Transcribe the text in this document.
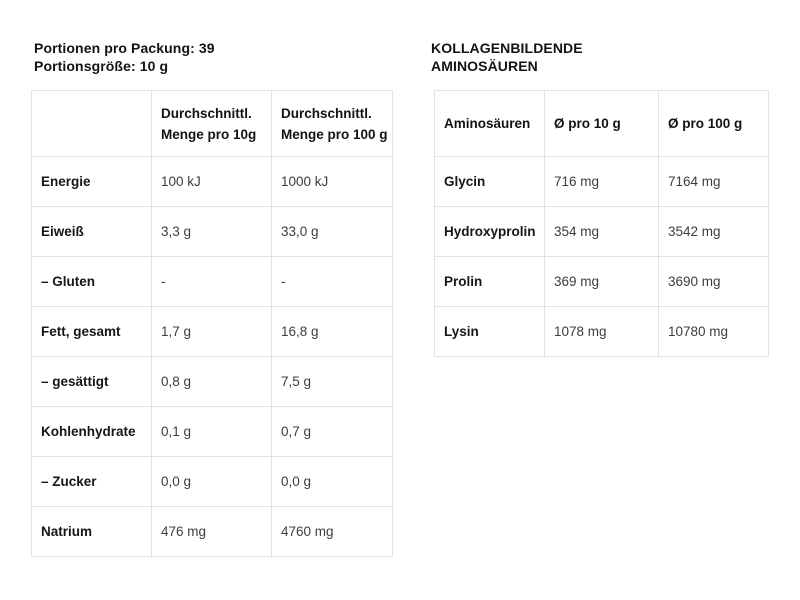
Portionen pro Packung: 39
Portionsgröße: 10 g
	Durchschnittl. Menge pro 10g	Durchschnittl. Menge pro 100 g
Energie	100 kJ	1000 kJ
Eiweiß	3,3 g	33,0 g
– Gluten	-	-
Fett, gesamt	1,7 g	16,8 g
– gesättigt	0,8 g	7,5 g
Kohlenhydrate	0,1 g	0,7 g
– Zucker	0,0 g	0,0 g
Natrium	476 mg	4760 mg
KOLLAGENBILDENDE
AMINOSÄUREN
Aminosäuren	Ø pro 10 g	Ø pro 100 g
Glycin	716 mg	7164 mg
Hydroxyprolin	354 mg	3542 mg
Prolin	369 mg	3690 mg
Lysin	1078 mg	10780 mg
